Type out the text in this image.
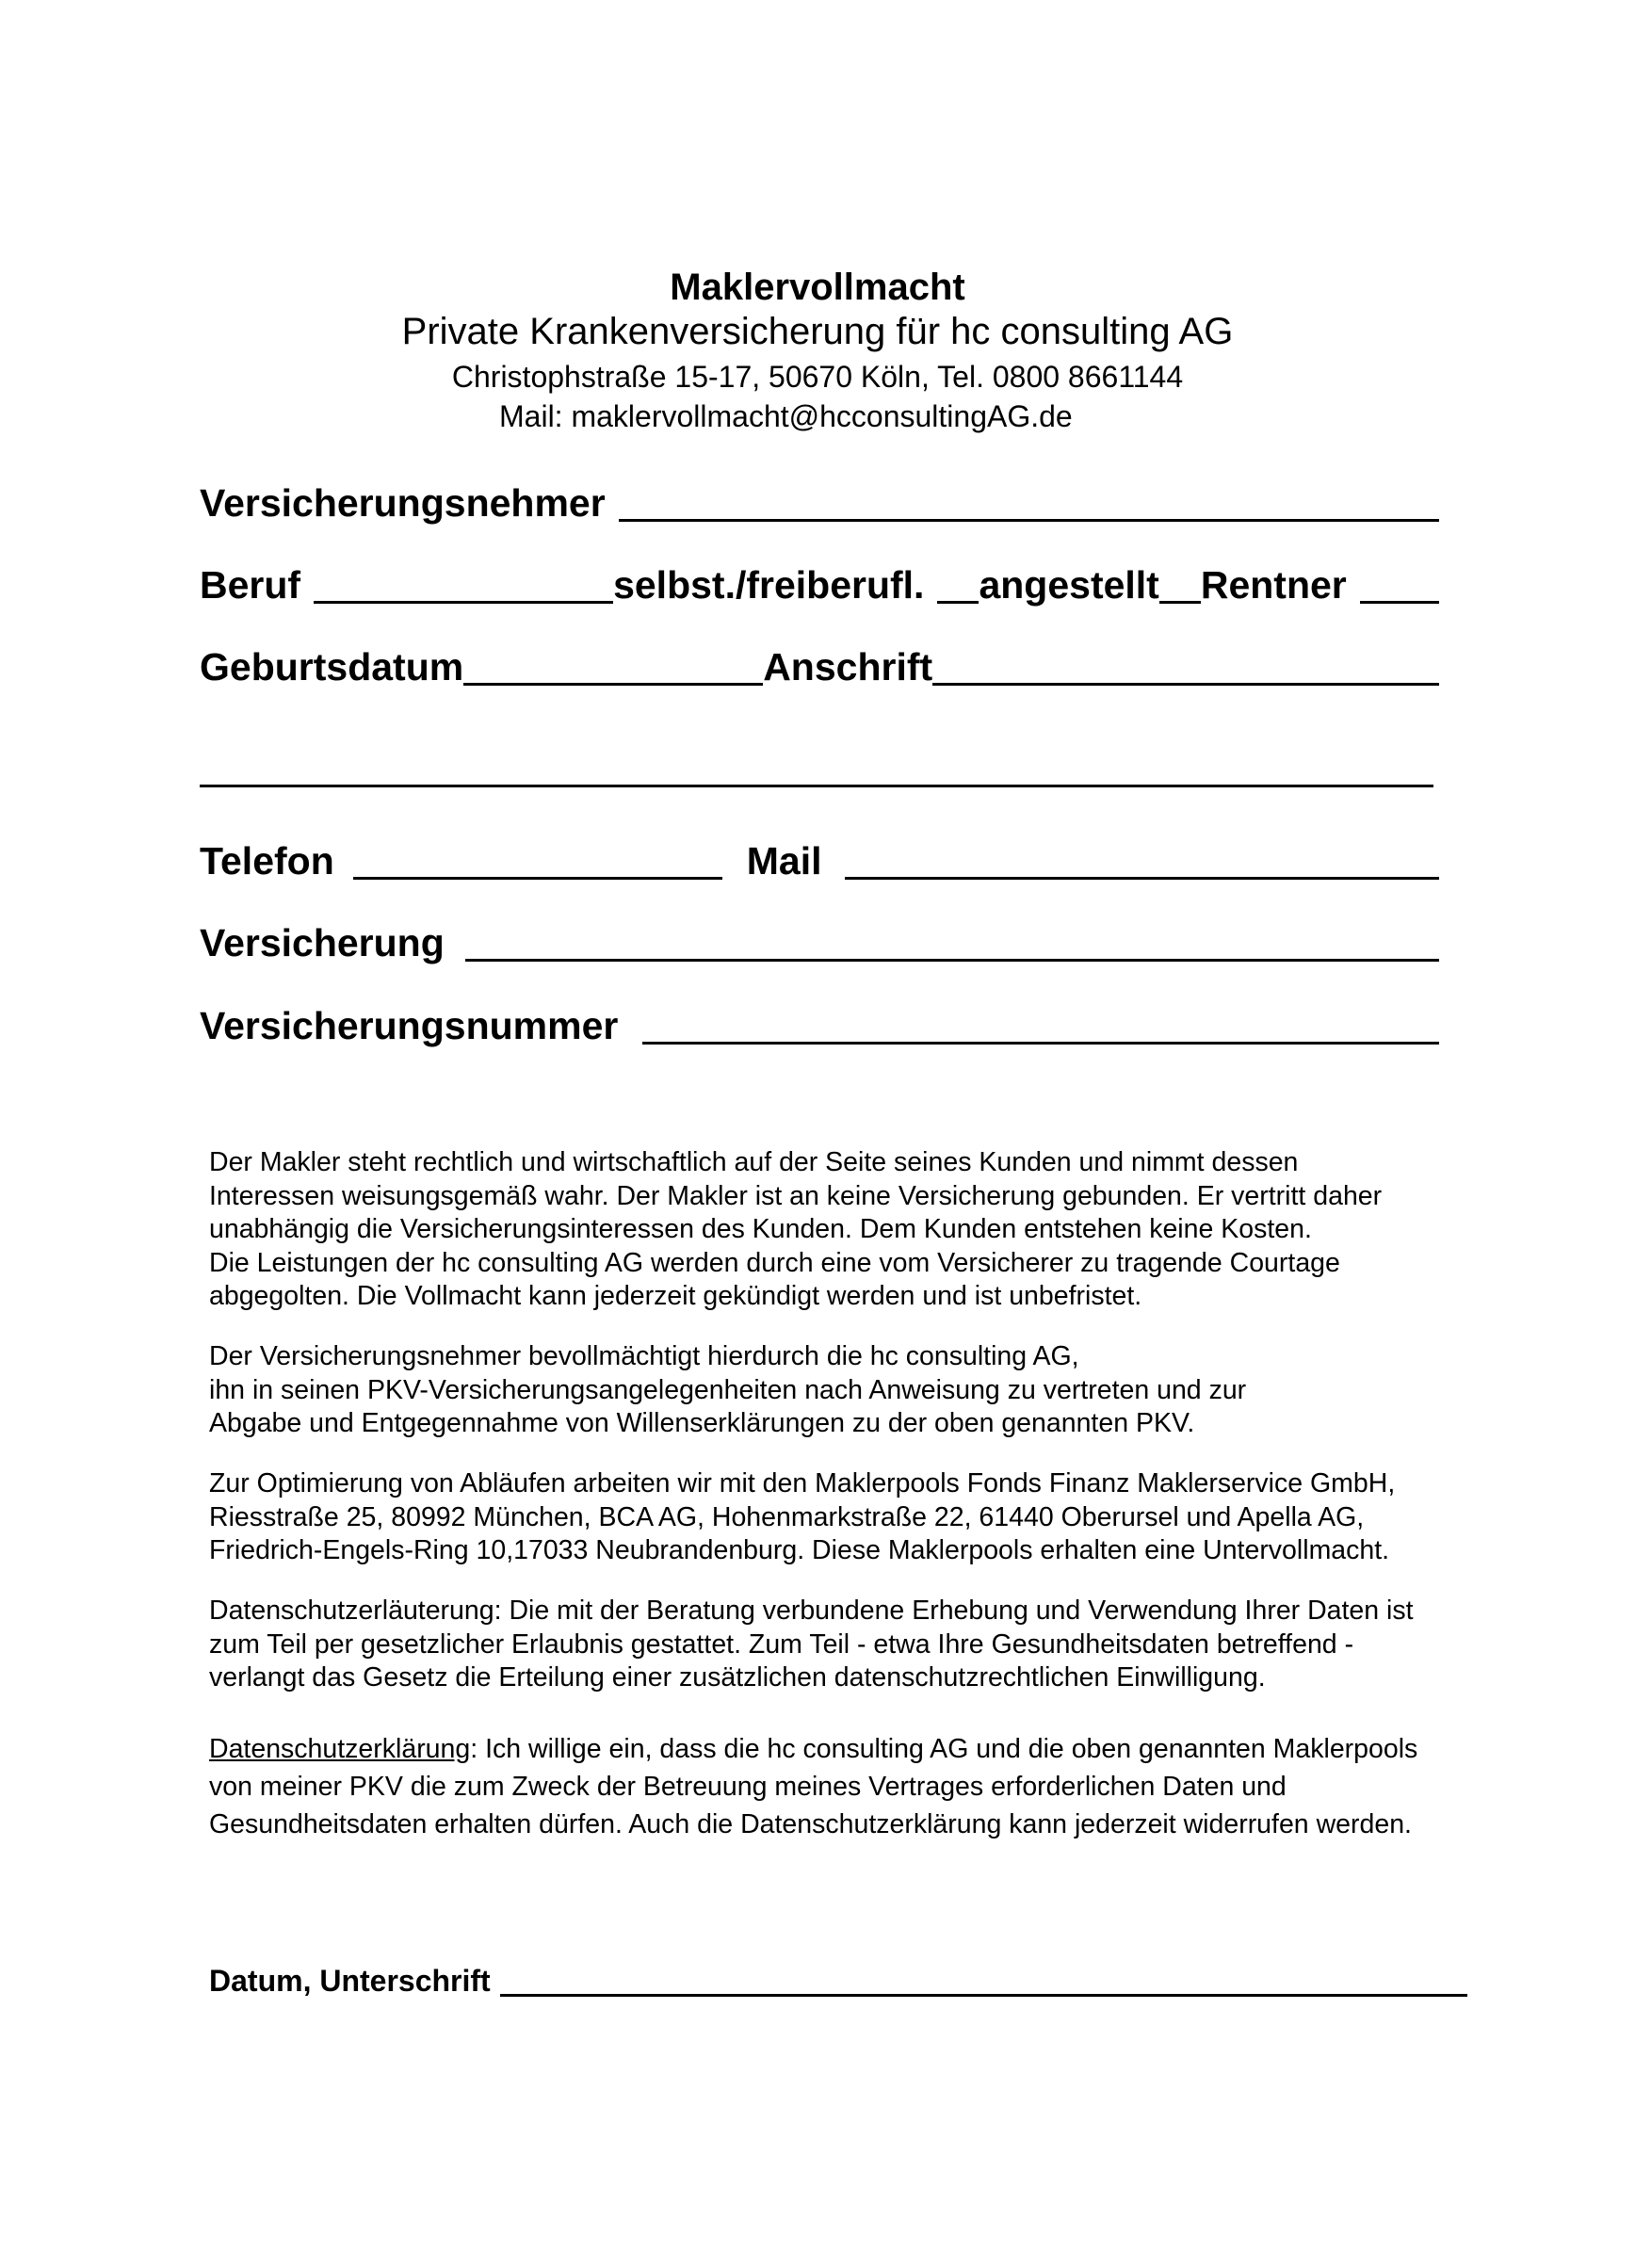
Maklervollmacht
Private Krankenversicherung für hc consulting AG
Christophstraße 15-17, 50670 Köln, Tel. 0800 8661144
Mail: maklervollmacht@hcconsultingAG.de
Versicherungsnehmer
Beruf	selbst./freiberufl. angestellt Rentner
Geburtsdatum	Anschrift
Telefon	Mail
Versicherung
Versicherungsnummer
Der Makler steht rechtlich und wirtschaftlich auf der Seite seines Kunden und nimmt dessen
Interessen weisungsgemäß wahr. Der Makler ist an keine Versicherung gebunden. Er vertritt daher
unabhängig die Versicherungsinteressen des Kunden. Dem Kunden entstehen keine Kosten.
Die Leistungen der hc consulting AG werden durch eine vom Versicherer zu tragende Courtage
abgegolten. Die Vollmacht kann jederzeit gekündigt werden und ist unbefristet.
Der Versicherungsnehmer bevollmächtigt hierdurch die hc consulting AG,
ihn in seinen PKV-Versicherungsangelegenheiten nach Anweisung zu vertreten und zur
Abgabe und Entgegennahme von Willenserklärungen zu der oben genannten PKV.
Zur Optimierung von Abläufen arbeiten wir mit den Maklerpools Fonds Finanz Maklerservice GmbH,
Riesstraße 25, 80992 München, BCA AG, Hohenmarkstraße 22, 61440 Oberursel und Apella AG,
Friedrich-Engels-Ring 10,17033 Neubrandenburg. Diese Maklerpools erhalten eine Untervollmacht.
Datenschutzerläuterung: Die mit der Beratung verbundene Erhebung und Verwendung Ihrer Daten ist
zum Teil per gesetzlicher Erlaubnis gestattet. Zum Teil - etwa Ihre Gesundheitsdaten betreffend -
verlangt das Gesetz die Erteilung einer zusätzlichen datenschutzrechtlichen Einwilligung.
Datenschutzerklärung: Ich willige ein, dass die hc consulting AG und die oben genannten Maklerpools
von meiner PKV die zum Zweck der Betreuung meines Vertrages erforderlichen Daten und
Gesundheitsdaten erhalten dürfen. Auch die Datenschutzerklärung kann jederzeit widerrufen werden.
Datum, Unterschrift
